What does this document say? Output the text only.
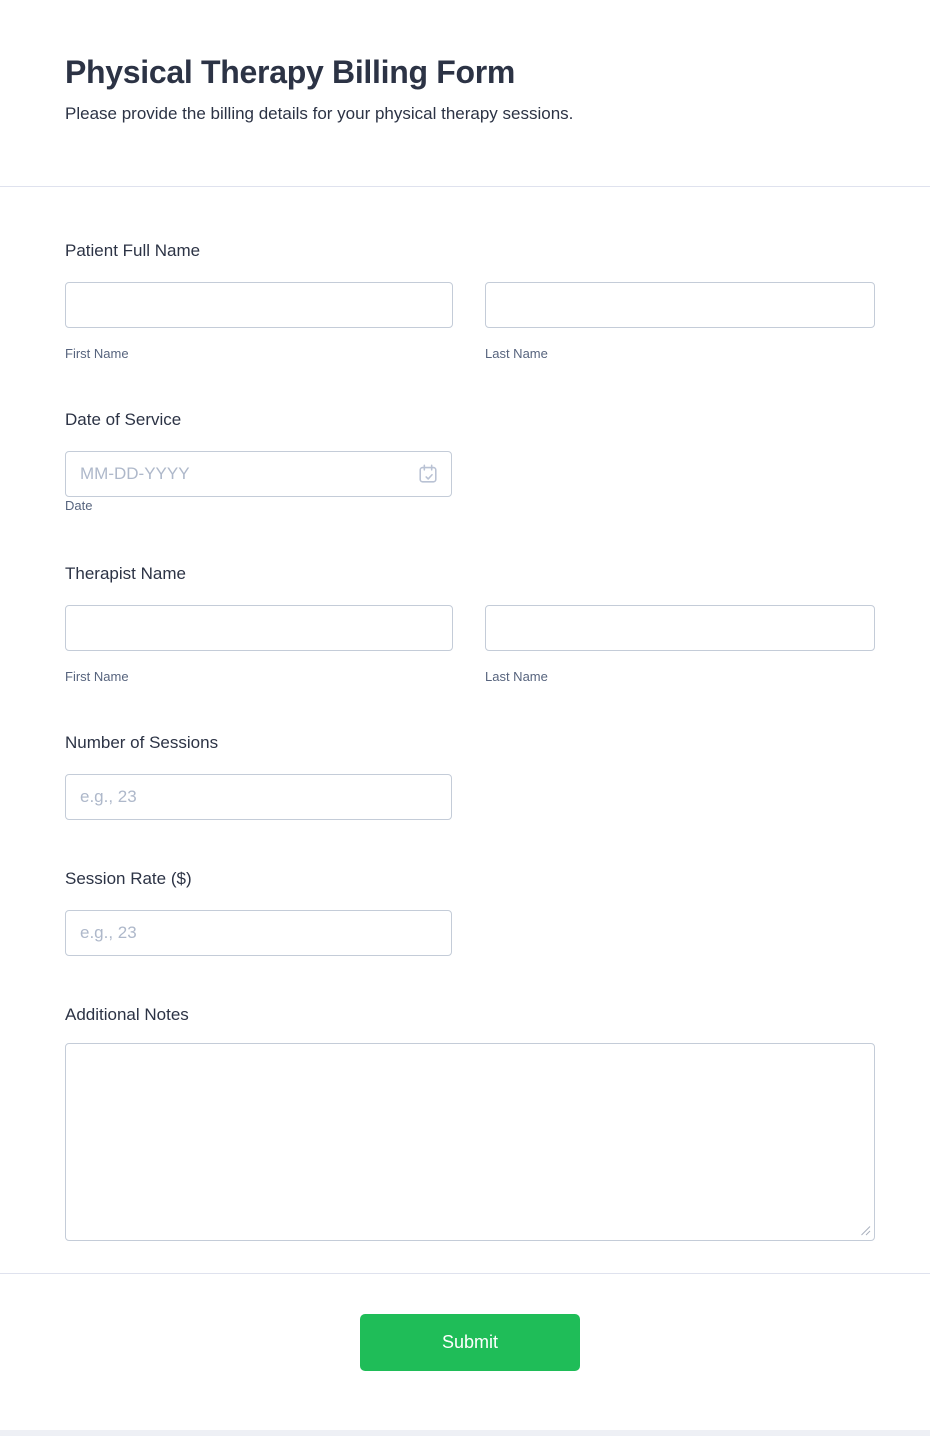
Physical Therapy Billing Form

Please provide the billing details for your physical therapy sessions.

Patient Full Name
First Name	Last Name
Date of Service
MM-DD-YYYY
Date
Therapist Name
First Name	Last Name
Number of Sessions
e.g., 23
Session Rate ($)
e.g., 23
Additional Notes
Submit
